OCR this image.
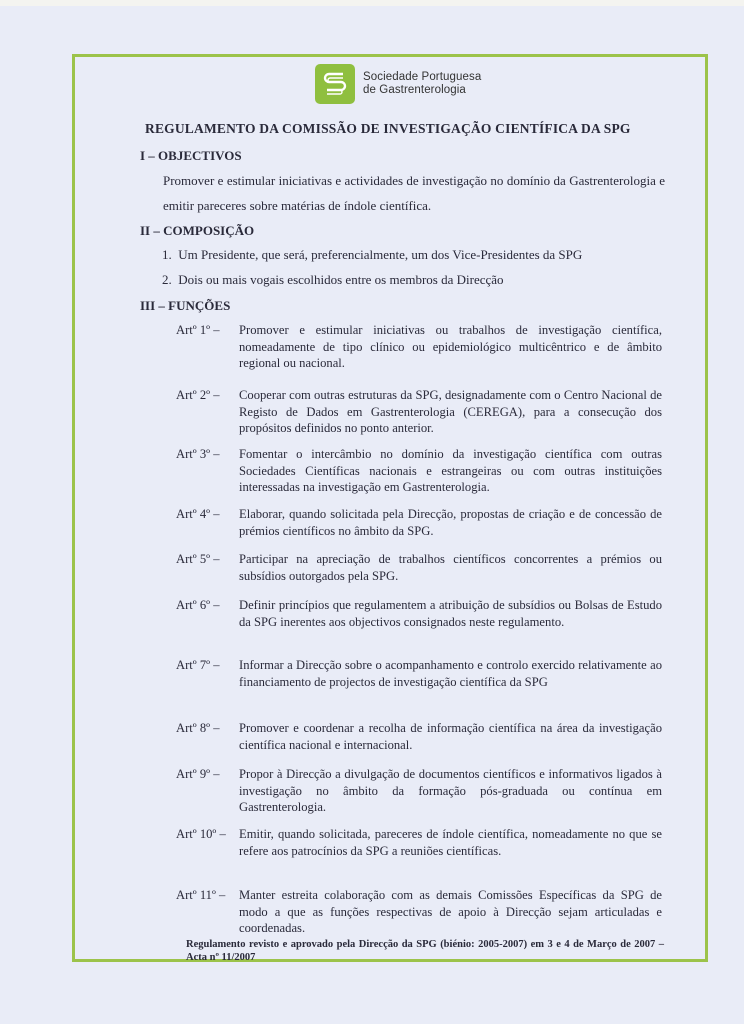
Sociedade Portuguesa
de Gastrenterologia
REGULAMENTO DA COMISSÃO DE INVESTIGAÇÃO CIENTÍFICA DA SPG
I – OBJECTIVOS
Promover e estimular iniciativas e actividades de investigação no domínio da Gastrenterologia e emitir pareceres sobre matérias de índole científica.
II – COMPOSIÇÃO
1. Um Presidente, que será, preferencialmente, um dos Vice-Presidentes da SPG
2. Dois ou mais vogais escolhidos entre os membros da Direcção
III – FUNÇÕES
Artº 1º –	Promover e estimular iniciativas ou trabalhos de investigação científica, nomeadamente de tipo clínico ou epidemiológico multicêntrico e de âmbito regional ou nacional.
Artº 2º –	Cooperar com outras estruturas da SPG, designadamente com o Centro Nacional de Registo de Dados em Gastrenterologia (CEREGA), para a consecução dos propósitos definidos no ponto anterior.
Artº 3º –	Fomentar o intercâmbio no domínio da investigação científica com outras Sociedades Científicas nacionais e estrangeiras ou com outras instituições interessadas na investigação em Gastrenterologia.
Artº 4º –	Elaborar, quando solicitada pela Direcção, propostas de criação e de concessão de prémios científicos no âmbito da SPG.
Artº 5º –	Participar na apreciação de trabalhos científicos concorrentes a prémios ou subsídios outorgados pela SPG.
Artº 6º –	Definir princípios que regulamentem a atribuição de subsídios ou Bolsas de Estudo da SPG inerentes aos objectivos consignados neste regulamento.
Artº 7º –	Informar a Direcção sobre o acompanhamento e controlo exercido relativamente ao financiamento de projectos de investigação científica da SPG
Artº 8º –	Promover e coordenar a recolha de informação científica na área da investigação científica nacional e internacional.
Artº 9º –	Propor à Direcção a divulgação de documentos científicos e informativos ligados à investigação no âmbito da formação pós-graduada ou contínua em Gastrenterologia.
Artº 10º –	Emitir, quando solicitada, pareceres de índole científica, nomeadamente no que se refere aos patrocínios da SPG a reuniões científicas.
Artº 11º –	Manter estreita colaboração com as demais Comissões Específicas da SPG de modo a que as funções respectivas de apoio à Direcção sejam articuladas e coordenadas.
Regulamento revisto e aprovado pela Direcção da SPG (biénio: 2005-2007) em 3 e 4 de Março de 2007 – Acta nº 11/2007
